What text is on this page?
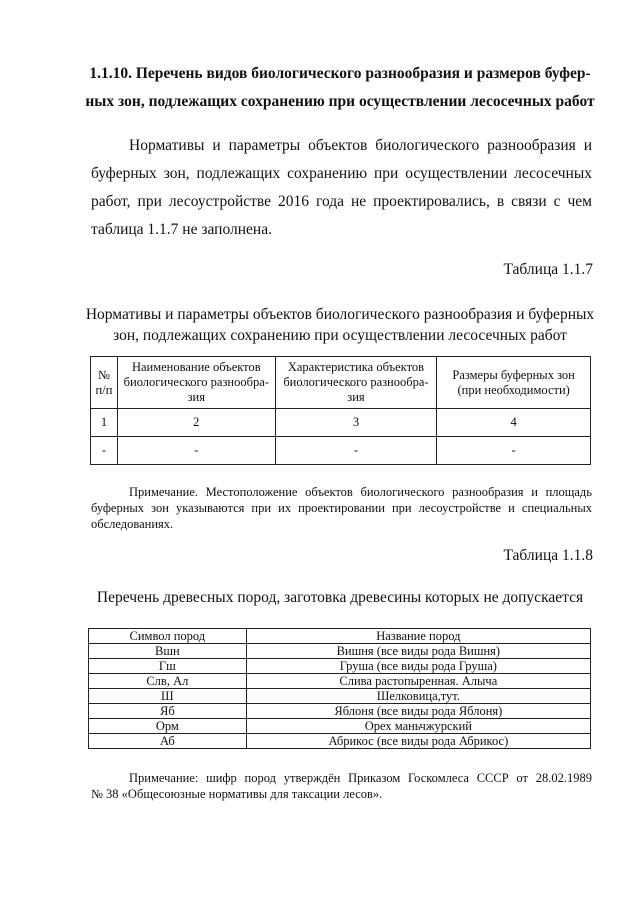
1.1.10. Перечень видов биологического разнообразия и размеров буфер-
ных зон, подлежащих сохранению при осуществлении лесосечных работ
Нормативы и параметры объектов биологического разнообразия и
буферных зон, подлежащих сохранению при осуществлении лесосечных
работ, при лесоустройстве 2016 года не проектировались, в связи с чем
таблица 1.1.7 не заполнена.
Таблица 1.1.7
Нормативы и параметры объектов биологического разнообразия и буферных
зон, подлежащих сохранению при осуществлении лесосечных работ
№ п/п	Наименование объектов биологического разнообра-зия	Характеристика объектов биологического разнообра-зия	Размеры буферных зон (при необходимости)
1	2	3	4
-	-	-	-
Примечание. Местоположение объектов биологического разнообразия и площадь
буферных зон указываются при их проектировании при лесоустройстве и специальных
обследованиях.
Таблица 1.1.8
Перечень древесных пород, заготовка древесины которых не допускается
Символ пород	Название пород
Вшн	Вишня (все виды рода Вишня)
Гш	Груша (все виды рода Груша)
Слв, Ал	Слива растопыренная. Алыча
Ш	Шелковица,тут.
Яб	Яблоня (все виды рода Яблоня)
Орм	Орех маньчжурский
Аб	Абрикос (все виды рода Абрикос)
Примечание: шифр пород утверждён Приказом Госкомлеса СССР от 28.02.1989
№ 38 «Общесоюзные нормативы для таксации лесов».
